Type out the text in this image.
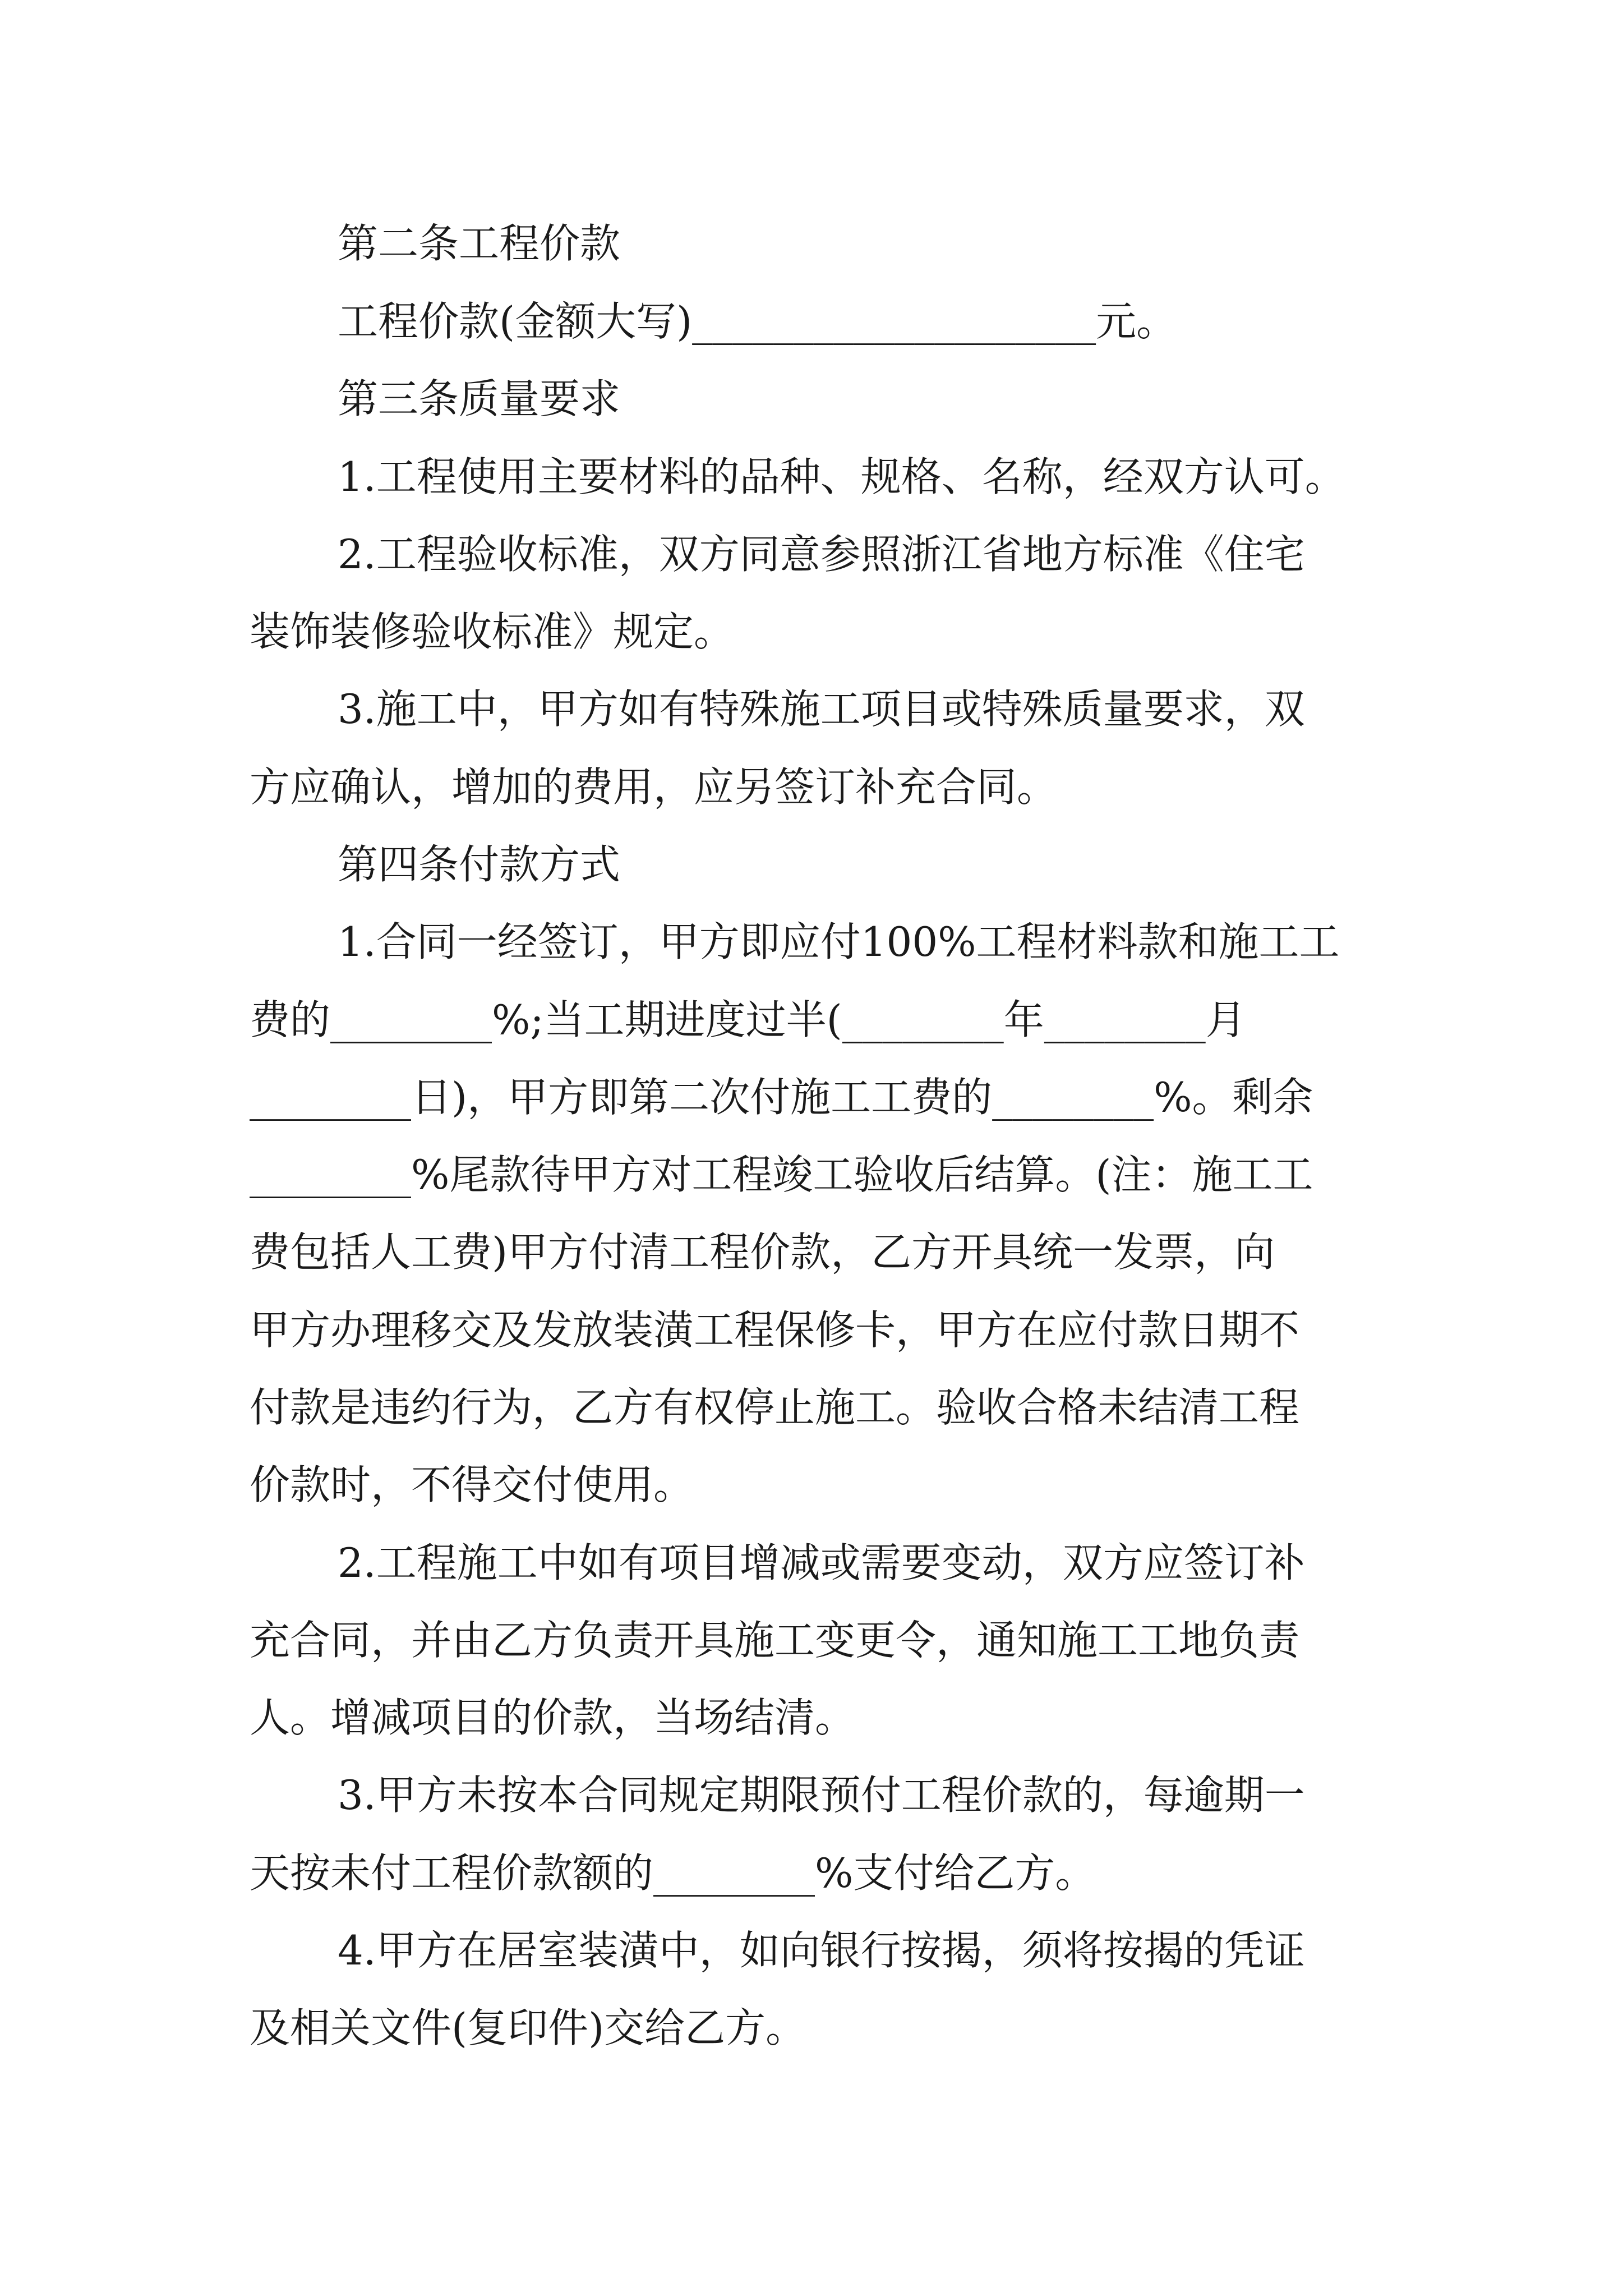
第二条工程价款

工程价款(金额大写)____________________元。

第三条质量要求

1.工程使用主要材料的品种、规格、名称，经双方认可。

2.工程验收标准，双方同意参照浙江省地方标准《住宅

装饰装修验收标准》规定。

3.施工中，甲方如有特殊施工项目或特殊质量要求，双

方应确认，增加的费用，应另签订补充合同。

第四条付款方式

1.合同一经签订，甲方即应付100%工程材料款和施工工

费的________%;当工期进度过半(________年________月

________日)，甲方即第二次付施工工费的________%。剩余

________%尾款待甲方对工程竣工验收后结算。(注：施工工

费包括人工费)甲方付清工程价款，乙方开具统一发票，向

甲方办理移交及发放装潢工程保修卡，甲方在应付款日期不

付款是违约行为，乙方有权停止施工。验收合格未结清工程

价款时，不得交付使用。

2.工程施工中如有项目增减或需要变动，双方应签订补

充合同，并由乙方负责开具施工变更令，通知施工工地负责

人。增减项目的价款，当场结清。

3.甲方未按本合同规定期限预付工程价款的，每逾期一

天按未付工程价款额的________%支付给乙方。

4.甲方在居室装潢中，如向银行按揭，须将按揭的凭证

及相关文件(复印件)交给乙方。
